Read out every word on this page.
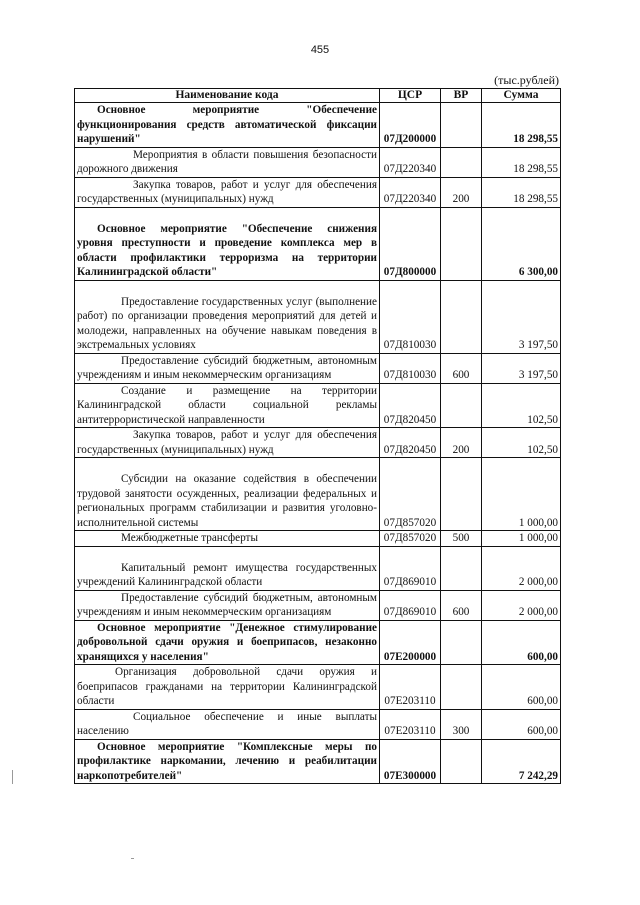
455
(тыс.рублей)
Наименование кода	ЦСР	ВР	Сумма

Основное мероприятие "Обеспечение функционирования средств автоматической фиксации нарушений"	07Д200000		18 298,55

Мероприятия в области повышения безопасности дорожного движения	07Д220340		18 298,55

Закупка товаров, работ и услуг для обеспечения государственных (муниципальных) нужд	07Д220340	200	18 298,55

Основное мероприятие "Обеспечение снижения уровня преступности и проведение комплекса мер в области профилактики терроризма на территории Калининградской области"	07Д800000		6 300,00

Предоставление государственных услуг (выполнение работ) по организации проведения мероприятий для детей и молодежи, направленных на обучение навыкам поведения в экстремальных условиях	07Д810030		3 197,50

Предоставление субсидий бюджетным, автономным учреждениям и иным некоммерческим организациям	07Д810030	600	3 197,50

Создание и размещение на территории Калининградской области социальной рекламы антитеррористической направленности	07Д820450		102,50

Закупка товаров, работ и услуг для обеспечения государственных (муниципальных) нужд	07Д820450	200	102,50

Субсидии на оказание содействия в обеспечении трудовой занятости осужденных, реализации федеральных и региональных программ стабилизации и развития уголовно-исполнительной системы	07Д857020		1 000,00

Межбюджетные трансферты	07Д857020	500	1 000,00

Капитальный ремонт имущества государственных учреждений Калининградской области	07Д869010		2 000,00

Предоставление субсидий бюджетным, автономным учреждениям и иным некоммерческим организациям	07Д869010	600	2 000,00

Основное мероприятие "Денежное стимулирование добровольной сдачи оружия и боеприпасов, незаконно хранящихся у населения"	07Е200000		600,00

Организация добровольной сдачи оружия и боеприпасов гражданами на территории Калининградской области	07Е203110		600,00

Социальное обеспечение и иные выплаты населению	07Е203110	300	600,00

Основное мероприятие "Комплексные меры по профилактике наркомании, лечению и реабилитации наркопотребителей"	07Е300000		7 242,29
